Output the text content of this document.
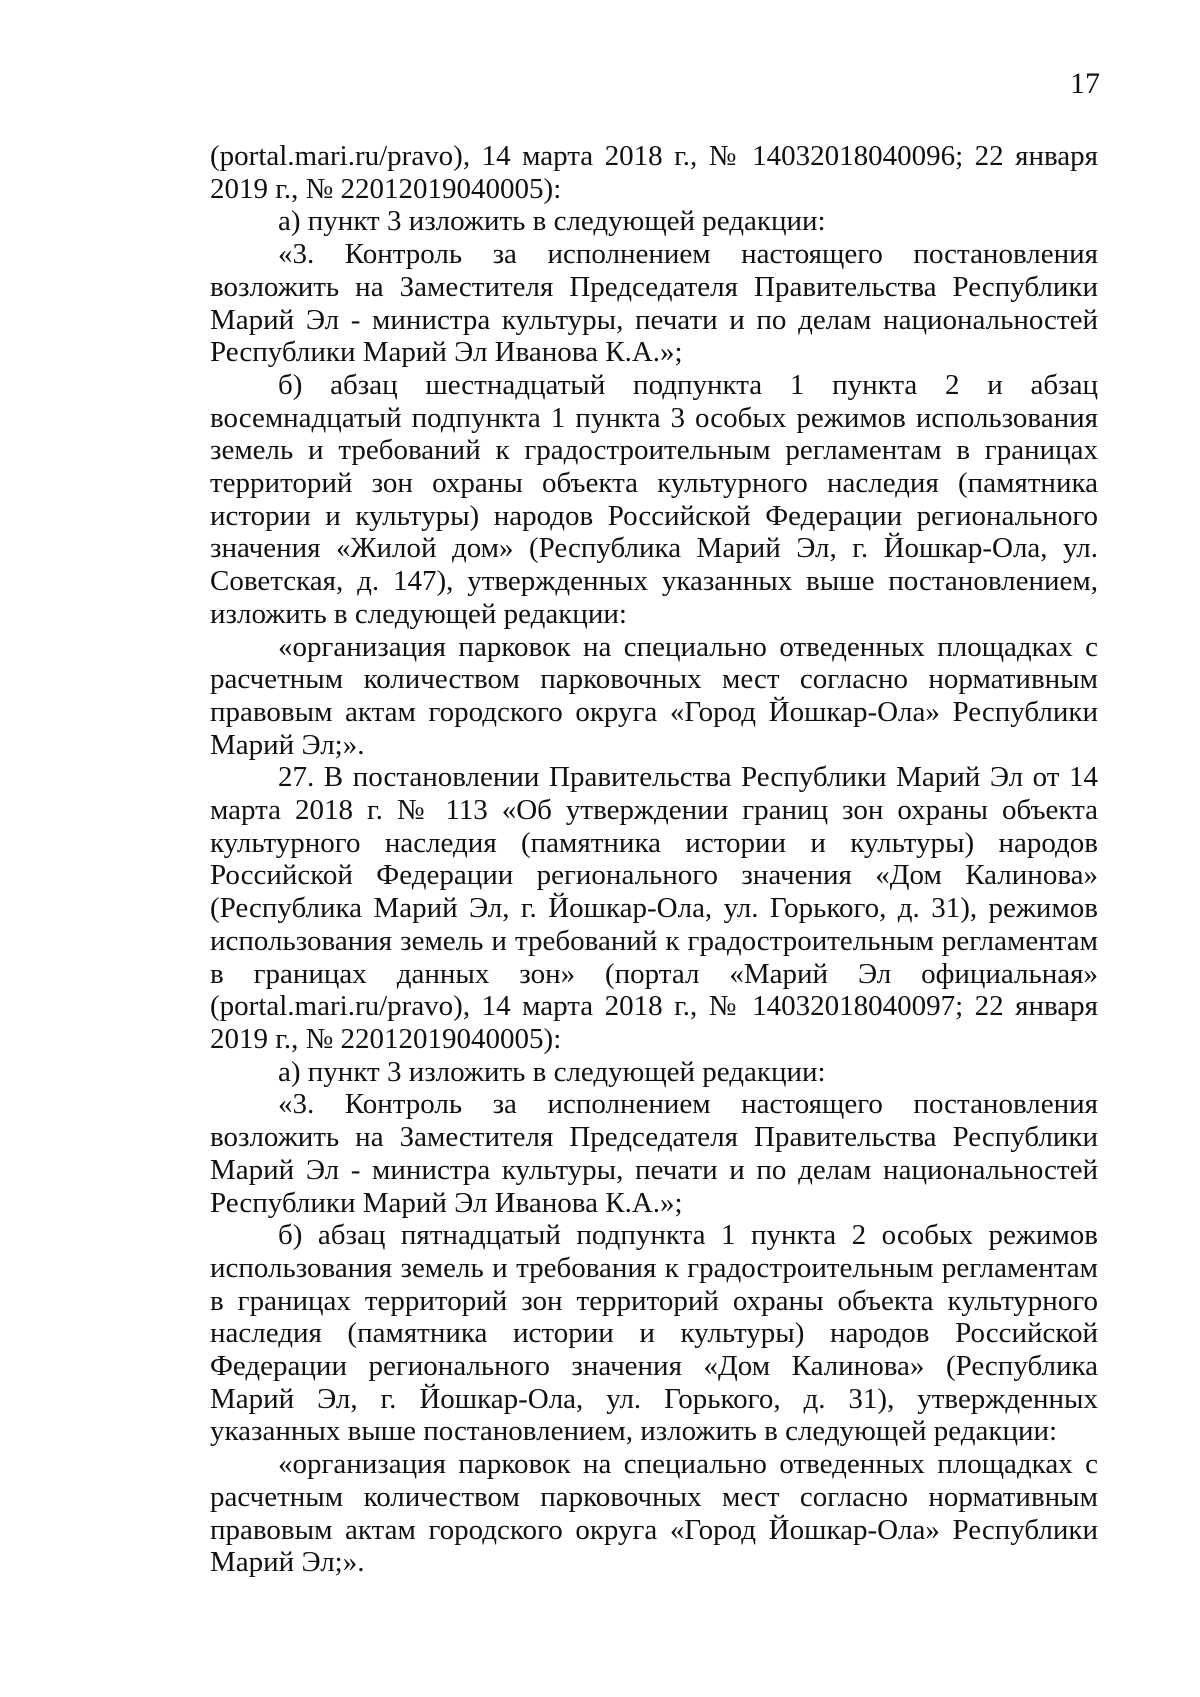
17

(portal.mari.ru/pravo), 14 марта 2018 г., № 14032018040096; 22 января 2019 г., № 22012019040005):

а) пункт 3 изложить в следующей редакции:

«3. Контроль за исполнением настоящего постановления возложить на Заместителя Председателя Правительства Республики Марий Эл - министра культуры, печати и по делам национальностей Республики Марий Эл Иванова К.А.»;

б) абзац шестнадцатый подпункта 1 пункта 2 и абзац восемнадцатый подпункта 1 пункта 3 особых режимов использования земель и требований к градостроительным регламентам в границах территорий зон охраны объекта культурного наследия (памятника истории и культуры) народов Российской Федерации регионального значения «Жилой дом» (Республика Марий Эл, г. Йошкар-Ола, ул. Советская, д. 147), утвержденных указанных выше постановлением, изложить в следующей редакции:

«организация парковок на специально отведенных площадках с расчетным количеством парковочных мест согласно нормативным правовым актам городского округа «Город Йошкар-Ола» Республики Марий Эл;».

27. В постановлении Правительства Республики Марий Эл от 14 марта 2018 г. № 113 «Об утверждении границ зон охраны объекта культурного наследия (памятника истории и культуры) народов Российской Федерации регионального значения «Дом Калинова» (Республика Марий Эл, г. Йошкар-Ола, ул. Горького, д. 31), режимов использования земель и требований к градостроительным регламентам в границах данных зон» (портал «Марий Эл официальная» (portal.mari.ru/pravo), 14 марта 2018 г., № 14032018040097; 22 января 2019 г., № 22012019040005):

а) пункт 3 изложить в следующей редакции:

«3. Контроль за исполнением настоящего постановления возложить на Заместителя Председателя Правительства Республики Марий Эл - министра культуры, печати и по делам национальностей Республики Марий Эл Иванова К.А.»;

б) абзац пятнадцатый подпункта 1 пункта 2 особых режимов использования земель и требования к градостроительным регламентам в границах территорий зон территорий охраны объекта культурного наследия (памятника истории и культуры) народов Российской Федерации регионального значения «Дом Калинова» (Республика Марий Эл, г. Йошкар-Ола, ул. Горького, д. 31), утвержденных указанных выше постановлением, изложить в следующей редакции:

«организация парковок на специально отведенных площадках с расчетным количеством парковочных мест согласно нормативным правовым актам городского округа «Город Йошкар-Ола» Республики Марий Эл;».
